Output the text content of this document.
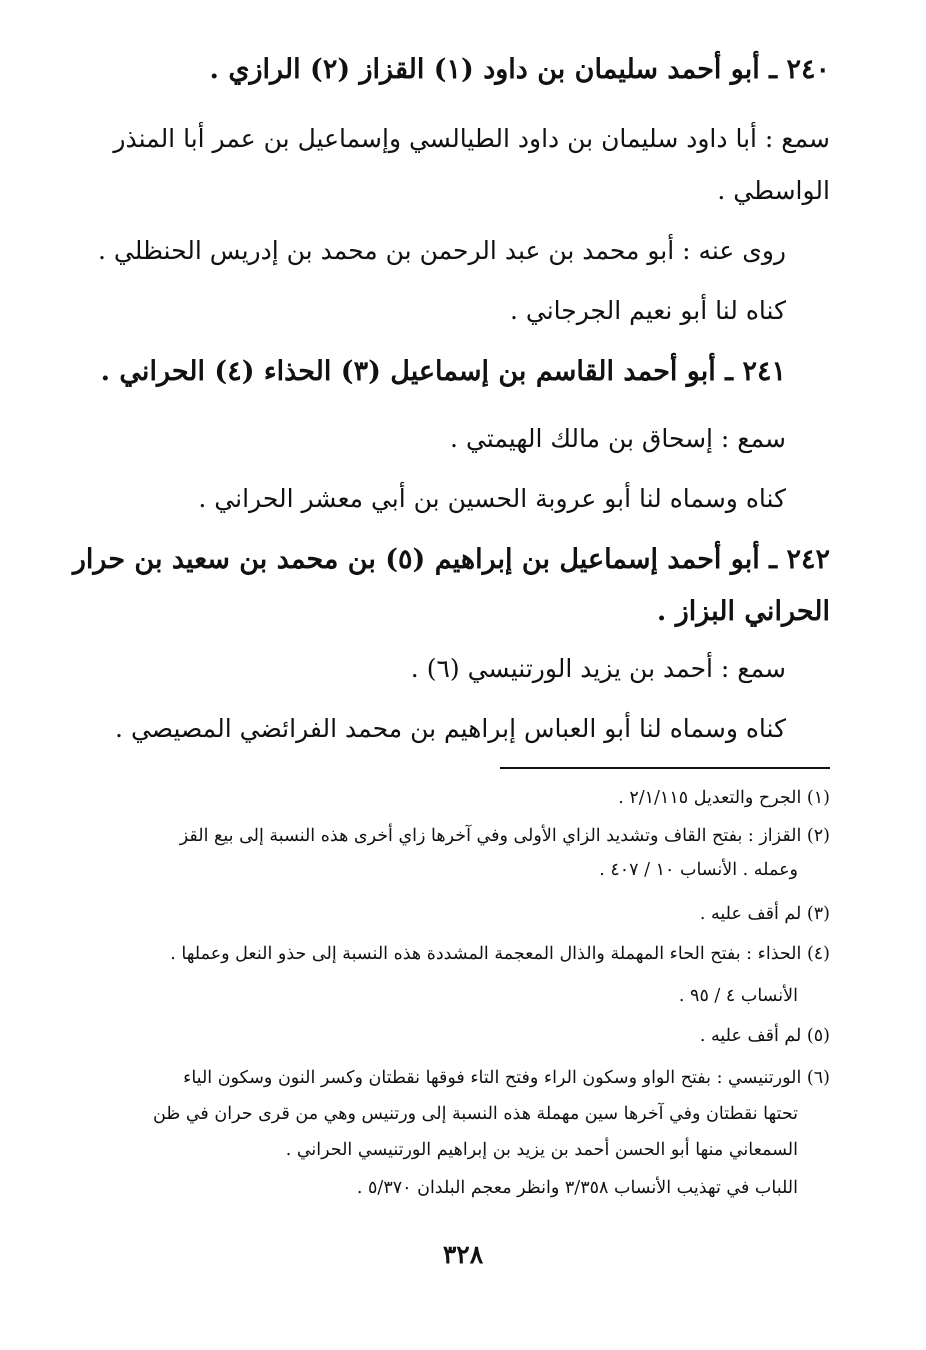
٢٤٠ ـ أبو أحمد سليمان بن داود (١) القزاز (٢) الرازي .
سمع : أبا داود سليمان بن داود الطيالسي وإسماعيل بن عمر أبا المنذر
الواسطي .
روى عنه : أبو محمد بن عبد الرحمن بن محمد بن إدريس الحنظلي .
كناه لنا أبو نعيم الجرجاني .
٢٤١ ـ أبو أحمد القاسم بن إسماعيل (٣) الحذاء (٤) الحراني .
سمع : إسحاق بن مالك الهيمتي .
كناه وسماه لنا أبو عروبة الحسين بن أبي معشر الحراني .
٢٤٢ ـ أبو أحمد إسماعيل بن إبراهيم (٥) بن محمد بن سعيد بن حرار
الحراني البزاز .
سمع : أحمد بن يزيد الورتنيسي (٦) .
كناه وسماه لنا أبو العباس إبراهيم بن محمد الفرائضي المصيصي .
(١) الجرح والتعديل ٢/١/١١٥ .
(٢) القزاز : بفتح القاف وتشديد الزاي الأولى وفي آخرها زاي أخرى هذه النسبة إلى بيع القز
وعمله . الأنساب ١٠ / ٤٠٧ .
(٣) لم أقف عليه .
(٤) الحذاء : بفتح الحاء المهملة والذال المعجمة المشددة هذه النسبة إلى حذو النعل وعملها .
الأنساب ٤ / ٩٥ .
(٥) لم أقف عليه .
(٦) الورتنيسي : بفتح الواو وسكون الراء وفتح التاء فوقها نقطتان وكسر النون وسكون الياء
تحتها نقطتان وفي آخرها سين مهملة هذه النسبة إلى ورتنيس وهي من قرى حران في ظن
السمعاني منها أبو الحسن أحمد بن يزيد بن إبراهيم الورتنيسي الحراني .
اللباب في تهذيب الأنساب ٣/٣٥٨ وانظر معجم البلدان ٥/٣٧٠ .
٣٢٨
